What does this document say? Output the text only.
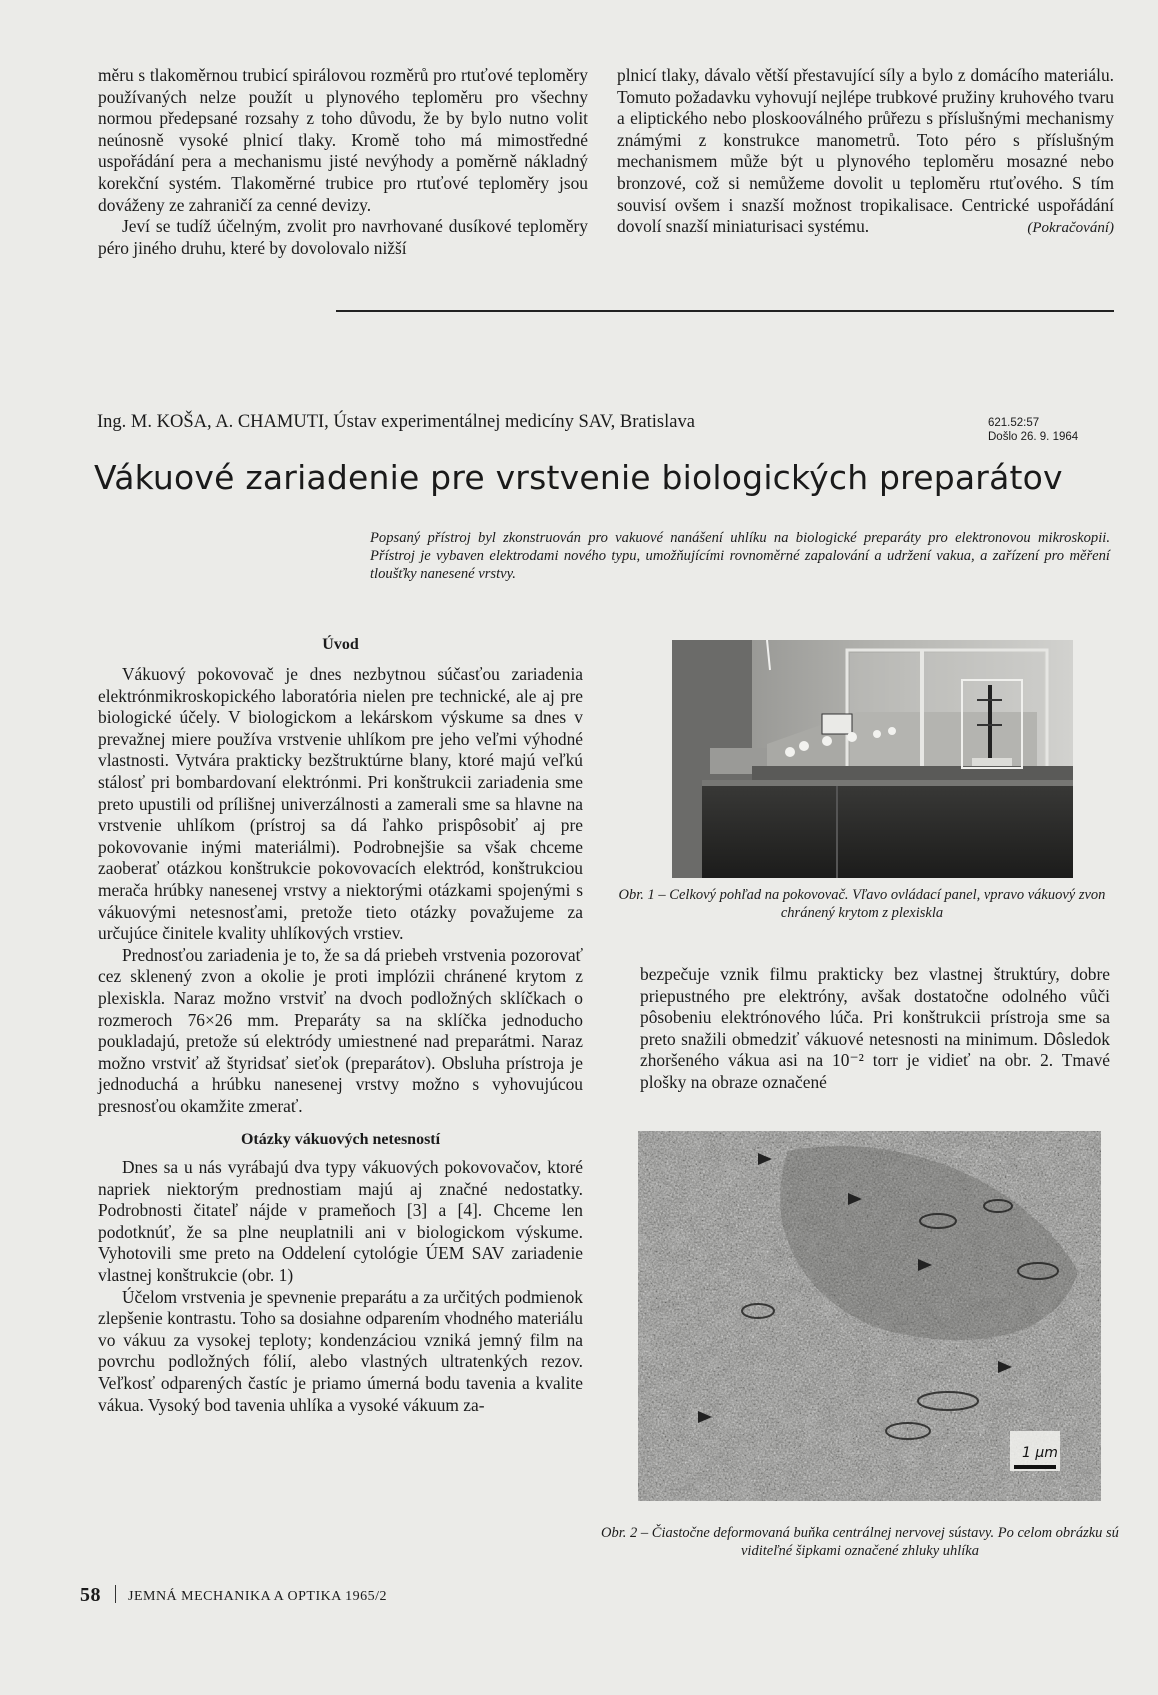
měru s tlakoměrnou trubicí spirálovou rozměrů pro rtuťové teploměry používaných nelze použít u plynového teploměru pro všechny normou předepsané rozsahy z toho důvodu, že by bylo nutno volit neúnosně vysoké plnicí tlaky. Kromě toho má mimostředné uspořádání pera a mechanismu jisté nevýhody a poměrně nákladný korekční systém. Tlakoměrné trubice pro rtuťové teploměry jsou dováženy ze zahraničí za cenné devizy.

Jeví se tudíž účelným, zvolit pro navrhované dusíkové teploměry péro jiného druhu, které by dovolovalo nižší

plnicí tlaky, dávalo větší přestavující síly a bylo z domácího materiálu. Tomuto požadavku vyhovují nejlépe trubkové pružiny kruhového tvaru a eliptického nebo ploskooválného průřezu s příslušnými mechanismy známými z konstrukce manometrů. Toto péro s příslušným mechanismem může být u plynového teploměru mosazné nebo bronzové, což si nemůžeme dovolit u teploměru rtuťového. S tím souvisí ovšem i snazší možnost tropikalisace. Centrické uspořádání dovolí snazší miniaturisaci systému.	(Pokračování)
Ing. M. KOŠA, A. CHAMUTI, Ústav experimentálnej medicíny SAV, Bratislava	621.52:57
Došlo 26. 9. 1964
Vákuové zariadenie pre vrstvenie biologických preparátov
Popsaný přístroj byl zkonstruován pro vakuové nanášení uhlíku na biologické preparáty pro elektronovou mikroskopii. Přístroj je vybaven elektrodami nového typu, umožňujícími rovnoměrné zapalování a udržení vakua, a zařízení pro měření tloušťky nanesené vrstvy.
Úvod

Vákuový pokovovač je dnes nezbytnou súčasťou zariadenia elektrónmikroskopického laboratória nielen pre technické, ale aj pre biologické účely. V biologickom a lekárskom výskume sa dnes v prevažnej miere používa vrstvenie uhlíkom pre jeho veľmi výhodné vlastnosti. Vytvára prakticky bezštruktúrne blany, ktoré majú veľkú stálosť pri bombardovaní elektrónmi. Pri konštrukcii zariadenia sme preto upustili od prílišnej univerzálnosti a zamerali sme sa hlavne na vrstvenie uhlíkom (prístroj sa dá ľahko prispôsobiť aj pre pokovovanie inými materiálmi). Podrobnejšie sa však chceme zaoberať otázkou konštrukcie pokovovacích elektród, konštrukciou merača hrúbky nanesenej vrstvy a niektorými otázkami spojenými s vákuovými netesnosťami, pretože tieto otázky považujeme za určujúce činitele kvality uhlíkových vrstiev.

Prednosťou zariadenia je to, že sa dá priebeh vrstvenia pozorovať cez sklenený zvon a okolie je proti implózii chránené krytom z plexiskla. Naraz možno vrstviť na dvoch podložných sklíčkach o rozmeroch 76×26 mm. Preparáty sa na sklíčka jednoducho poukladajú, pretože sú elektródy umiestnené nad preparátmi. Naraz možno vrstviť až štyridsať sieťok (preparátov). Obsluha prístroja je jednoduchá a hrúbku nanesenej vrstvy možno s vyhovujúcou presnosťou okamžite zmerať.

Otázky vákuových netesností

Dnes sa u nás vyrábajú dva typy vákuových pokovovačov, ktoré napriek niektorým prednostiam majú aj značné nedostatky. Podrobnosti čitateľ nájde v prameňoch [3] a [4]. Chceme len podotknúť, že sa plne neuplatnili ani v biologickom výskume. Vyhotovili sme preto na Oddelení cytológie ÚEM SAV zariadenie vlastnej konštrukcie (obr. 1)

Účelom vrstvenia je spevnenie preparátu a za určitých podmienok zlepšenie kontrastu. Toho sa dosiahne odparením vhodného materiálu vo vákuu za vysokej teploty; kondenzáciou vzniká jemný film na povrchu podložných fólií, alebo vlastných ultratenkých rezov. Veľkosť odparených častíc je priamo úmerná bodu tavenia a kvalite vákua. Vysoký bod tavenia uhlíka a vysoké vákuum za-

Obr. 1 – Celkový pohľad na pokovovač. Vľavo ovládací panel, vpravo vákuový zvon chránený krytom z plexiskla

bezpečuje vznik filmu prakticky bez vlastnej štruktúry, dobre priepustného pre elektróny, avšak dostatočne odolného vůči pôsobeniu elektrónového lúča. Pri konštrukcii prístroja sme sa preto snažili obmedziť vákuové netesnosti na minimum. Dôsledok zhoršeného vákua asi na 10⁻² torr je vidieť na obr. 2. Tmavé plošky na obraze označené

1 μm
Obr. 2 – Čiastočne deformovaná buňka centrálnej nervovej sústavy. Po celom obrázku sú viditeľné šipkami označené zhluky uhlíka
58 JEMNÁ MECHANIKA A OPTIKA 1965/2
